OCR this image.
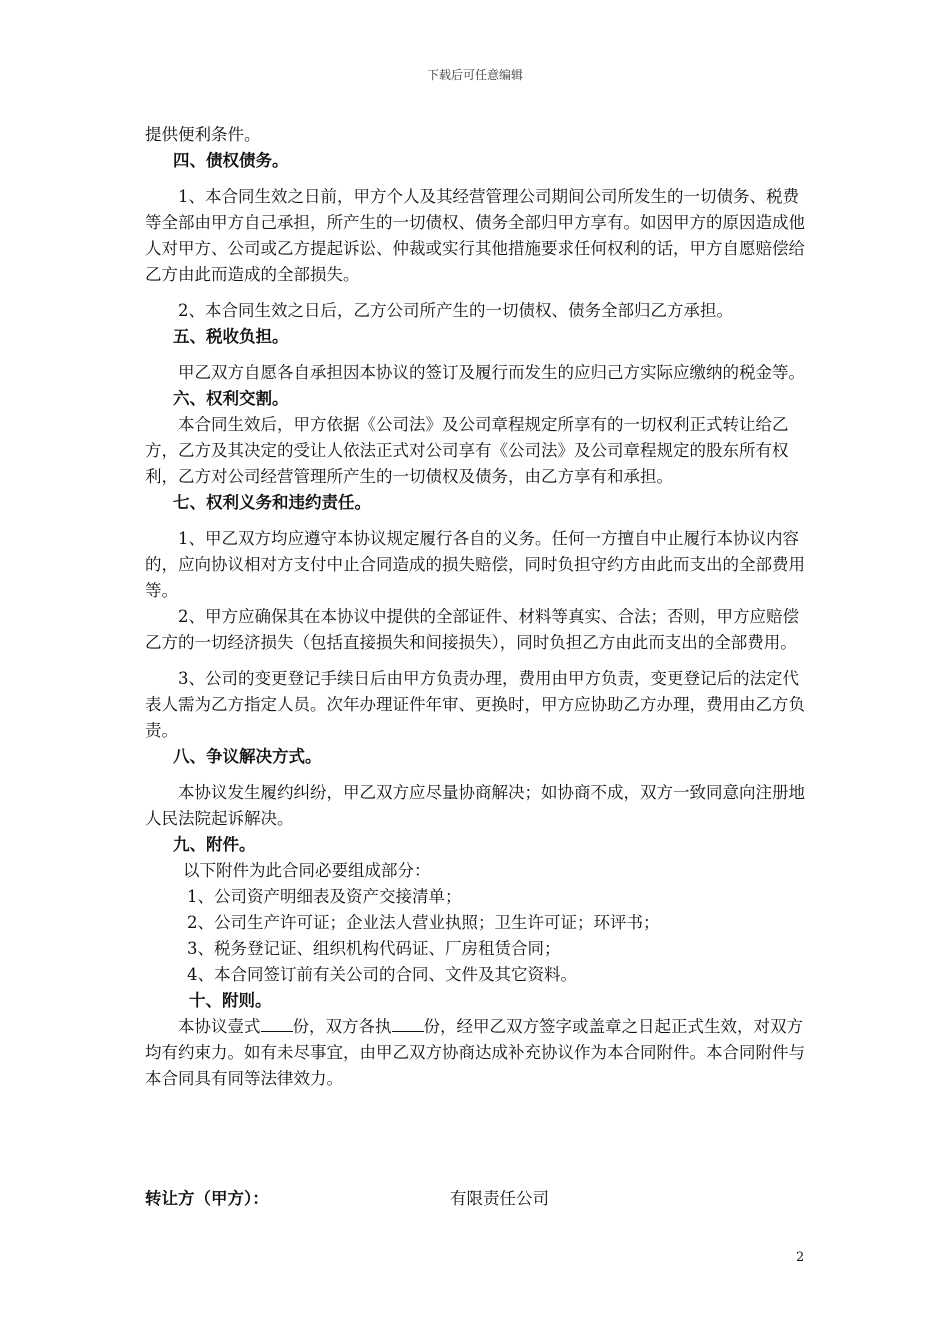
下载后可任意编辑

提供便利条件。

四、债权债务。

1、本合同生效之日前，甲方个人及其经营管理公司期间公司所发生的一切债务、税费等全部由甲方自己承担，所产生的一切债权、债务全部归甲方享有。如因甲方的原因造成他人对甲方、公司或乙方提起诉讼、仲裁或实行其他措施要求任何权利的话，甲方自愿赔偿给乙方由此而造成的全部损失。

2、本合同生效之日后，乙方公司所产生的一切债权、债务全部归乙方承担。

五、税收负担。

甲乙双方自愿各自承担因本协议的签订及履行而发生的应归己方实际应缴纳的税金等。

六、权利交割。

本合同生效后，甲方依据《公司法》及公司章程规定所享有的一切权利正式转让给乙方，乙方及其决定的受让人依法正式对公司享有《公司法》及公司章程规定的股东所有权利，乙方对公司经营管理所产生的一切债权及债务，由乙方享有和承担。

七、权利义务和违约责任。

1、甲乙双方均应遵守本协议规定履行各自的义务。任何一方擅自中止履行本协议内容的，应向协议相对方支付中止合同造成的损失赔偿，同时负担守约方由此而支出的全部费用等。

2、甲方应确保其在本协议中提供的全部证件、材料等真实、合法；否则，甲方应赔偿乙方的一切经济损失（包括直接损失和间接损失），同时负担乙方由此而支出的全部费用。

3、公司的变更登记手续日后由甲方负责办理，费用由甲方负责，变更登记后的法定代表人需为乙方指定人员。次年办理证件年审、更换时，甲方应协助乙方办理，费用由乙方负责。

八、争议解决方式。

本协议发生履约纠纷，甲乙双方应尽量协商解决；如协商不成，双方一致同意向注册地人民法院起诉解决。

九、附件。

以下附件为此合同必要组成部分：

1、公司资产明细表及资产交接清单；

2、公司生产许可证；企业法人营业执照；卫生许可证；环评书；

3、税务登记证、组织机构代码证、厂房租赁合同；

4、本合同签订前有关公司的合同、文件及其它资料。

十、附则。

本协议壹式 份，双方各执 份，经甲乙双方签字或盖章之日起正式生效，对双方均有约束力。如有未尽事宜，由甲乙双方协商达成补充协议作为本合同附件。本合同附件与本合同具有同等法律效力。

转让方（甲方）：	有限责任公司
2
